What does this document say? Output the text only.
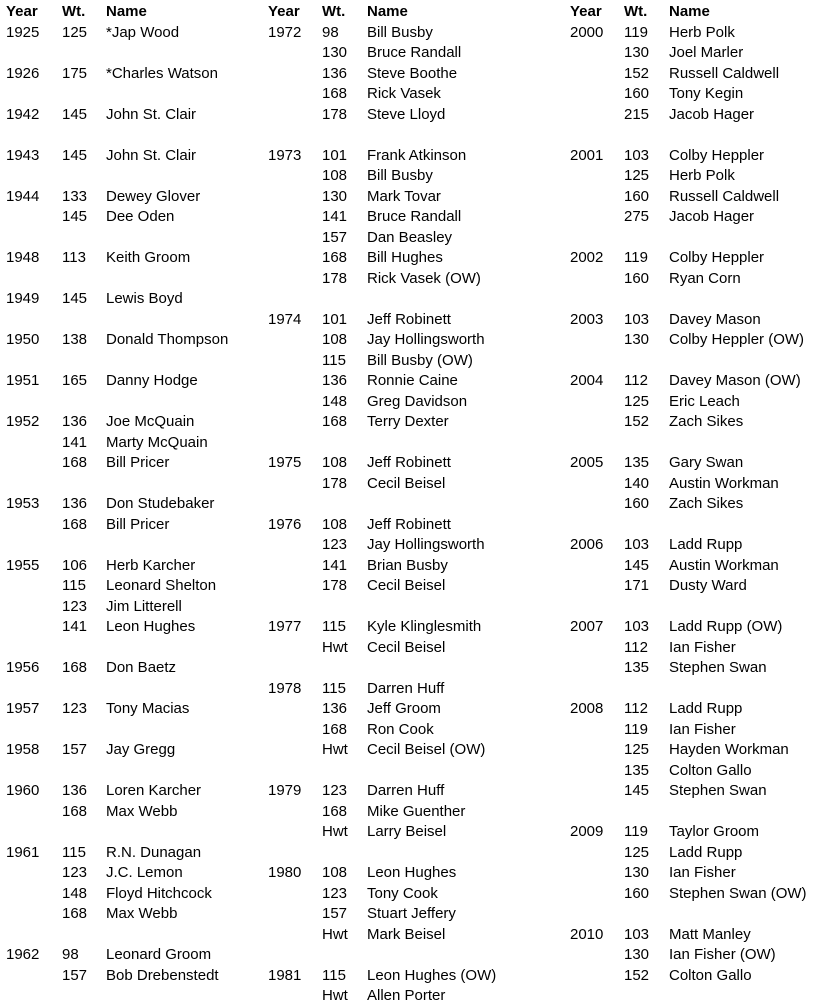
Year Wt. Name
1925 125 *Jap Wood
1926 175 *Charles Watson
1942 145 John St. Clair
1943 145 John St. Clair
1944 133 Dewey Glover
145 Dee Oden
1948 113 Keith Groom
1949 145 Lewis Boyd
1950 138 Donald Thompson
1951 165 Danny Hodge
1952 136 Joe McQuain
141 Marty McQuain
168 Bill Pricer
1953 136 Don Studebaker
168 Bill Pricer
1955 106 Herb Karcher
115 Leonard Shelton
123 Jim Litterell
141 Leon Hughes
1956 168 Don Baetz
1957 123 Tony Macias
1958 157 Jay Gregg
1960 136 Loren Karcher
168 Max Webb
1961 115 R.N. Dunagan
123 J.C. Lemon
148 Floyd Hitchcock
168 Max Webb
1962 98 Leonard Groom
157 Bob Drebenstedt
Year Wt. Name
1972 98 Bill Busby
130 Bruce Randall
136 Steve Boothe
168 Rick Vasek
178 Steve Lloyd
1973 101 Frank Atkinson
108 Bill Busby
130 Mark Tovar
141 Bruce Randall
157 Dan Beasley
168 Bill Hughes
178 Rick Vasek (OW)
1974 101 Jeff Robinett
108 Jay Hollingsworth
115 Bill Busby (OW)
136 Ronnie Caine
148 Greg Davidson
168 Terry Dexter
1975 108 Jeff Robinett
178 Cecil Beisel
1976 108 Jeff Robinett
123 Jay Hollingsworth
141 Brian Busby
178 Cecil Beisel
1977 115 Kyle Klinglesmith
Hwt Cecil Beisel
1978 115 Darren Huff
136 Jeff Groom
168 Ron Cook
Hwt Cecil Beisel (OW)
1979 123 Darren Huff
168 Mike Guenther
Hwt Larry Beisel
1980 108 Leon Hughes
123 Tony Cook
157 Stuart Jeffery
Hwt Mark Beisel
1981 115 Leon Hughes (OW)
Hwt Allen Porter
Year Wt. Name
2000 119 Herb Polk
130 Joel Marler
152 Russell Caldwell
160 Tony Kegin
215 Jacob Hager
2001 103 Colby Heppler
125 Herb Polk
160 Russell Caldwell
275 Jacob Hager
2002 119 Colby Heppler
160 Ryan Corn
2003 103 Davey Mason
130 Colby Heppler (OW)
2004 112 Davey Mason (OW)
125 Eric Leach
152 Zach Sikes
2005 135 Gary Swan
140 Austin Workman
160 Zach Sikes
2006 103 Ladd Rupp
145 Austin Workman
171 Dusty Ward
2007 103 Ladd Rupp (OW)
112 Ian Fisher
135 Stephen Swan
2008 112 Ladd Rupp
119 Ian Fisher
125 Hayden Workman
135 Colton Gallo
145 Stephen Swan
2009 119 Taylor Groom
125 Ladd Rupp
130 Ian Fisher
160 Stephen Swan (OW)
2010 103 Matt Manley
130 Ian Fisher (OW)
152 Colton Gallo
